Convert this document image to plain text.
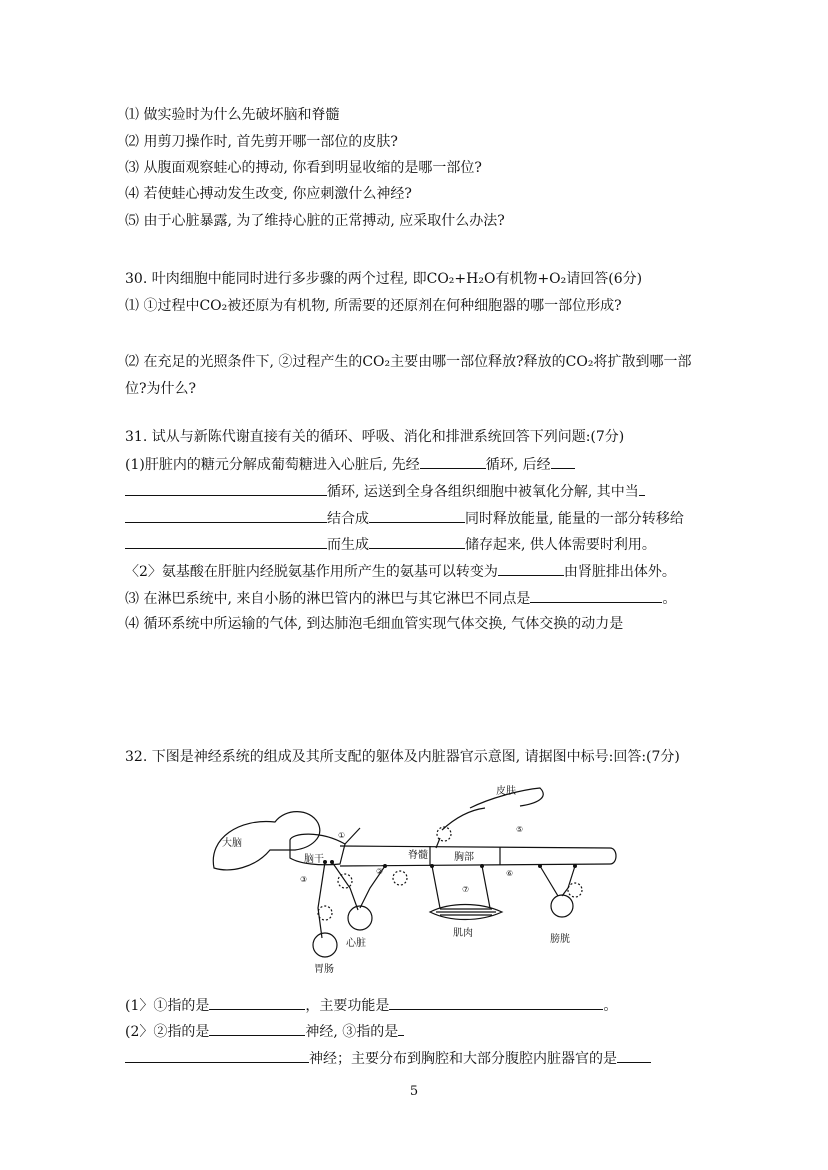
⑴ 做实验时为什么先破坏脑和脊髓
⑵ 用剪刀操作时, 首先剪开哪一部位的皮肤?
⑶ 从腹面观察蛙心的搏动, 你看到明显收缩的是哪一部位?
⑷ 若使蛙心搏动发生改变, 你应刺激什么神经?
⑸ 由于心脏暴露, 为了维持心脏的正常搏动, 应采取什么办法?
30. 叶肉细胞中能同时进行多步骤的两个过程, 即CO₂+H₂O有机物+O₂请回答(6分)
⑴ ①过程中CO₂被还原为有机物, 所需要的还原剂在何种细胞器的哪一部位形成?
⑵ 在充足的光照条件下, ②过程产生的CO₂主要由哪一部位释放?释放的CO₂将扩散到哪一部
位?为什么?
31. 试从与新陈代谢直接有关的循环、呼吸、消化和排泄系统回答下列问题:(7分)
(1)肝脏内的糖元分解成葡萄糖进入心脏后, 先经	循环, 后经
循环, 运送到全身各组织细胞中被氧化分解, 其中当
结合成	同时释放能量, 能量的一部分转移给
而生成	储存起来, 供人体需要时利用。
〈2〉氨基酸在肝脏内经脱氨基作用所产生的氨基可以转变为	由肾脏排出体外。
⑶ 在淋巴系统中, 来自小肠的淋巴管内的淋巴与其它淋巴不同点是	。
⑷ 循环系统中所运输的气体, 到达肺泡毛细血管实现气体交换, 气体交换的动力是
32. 下图是神经系统的组成及其所支配的躯体及内脏器官示意图, 请据图中标号:回答:(7分)
皮肤
大脑
脑干	脊髓	胸部
心脏
胃肠
肌肉
膀胱
①
②
③
⑤
⑥
⑦
(1〉①指的是	，主要功能是	。
(2〉②指的是	神经, ③指的是
神经；主要分布到胸腔和大部分腹腔内脏器官的是
5
